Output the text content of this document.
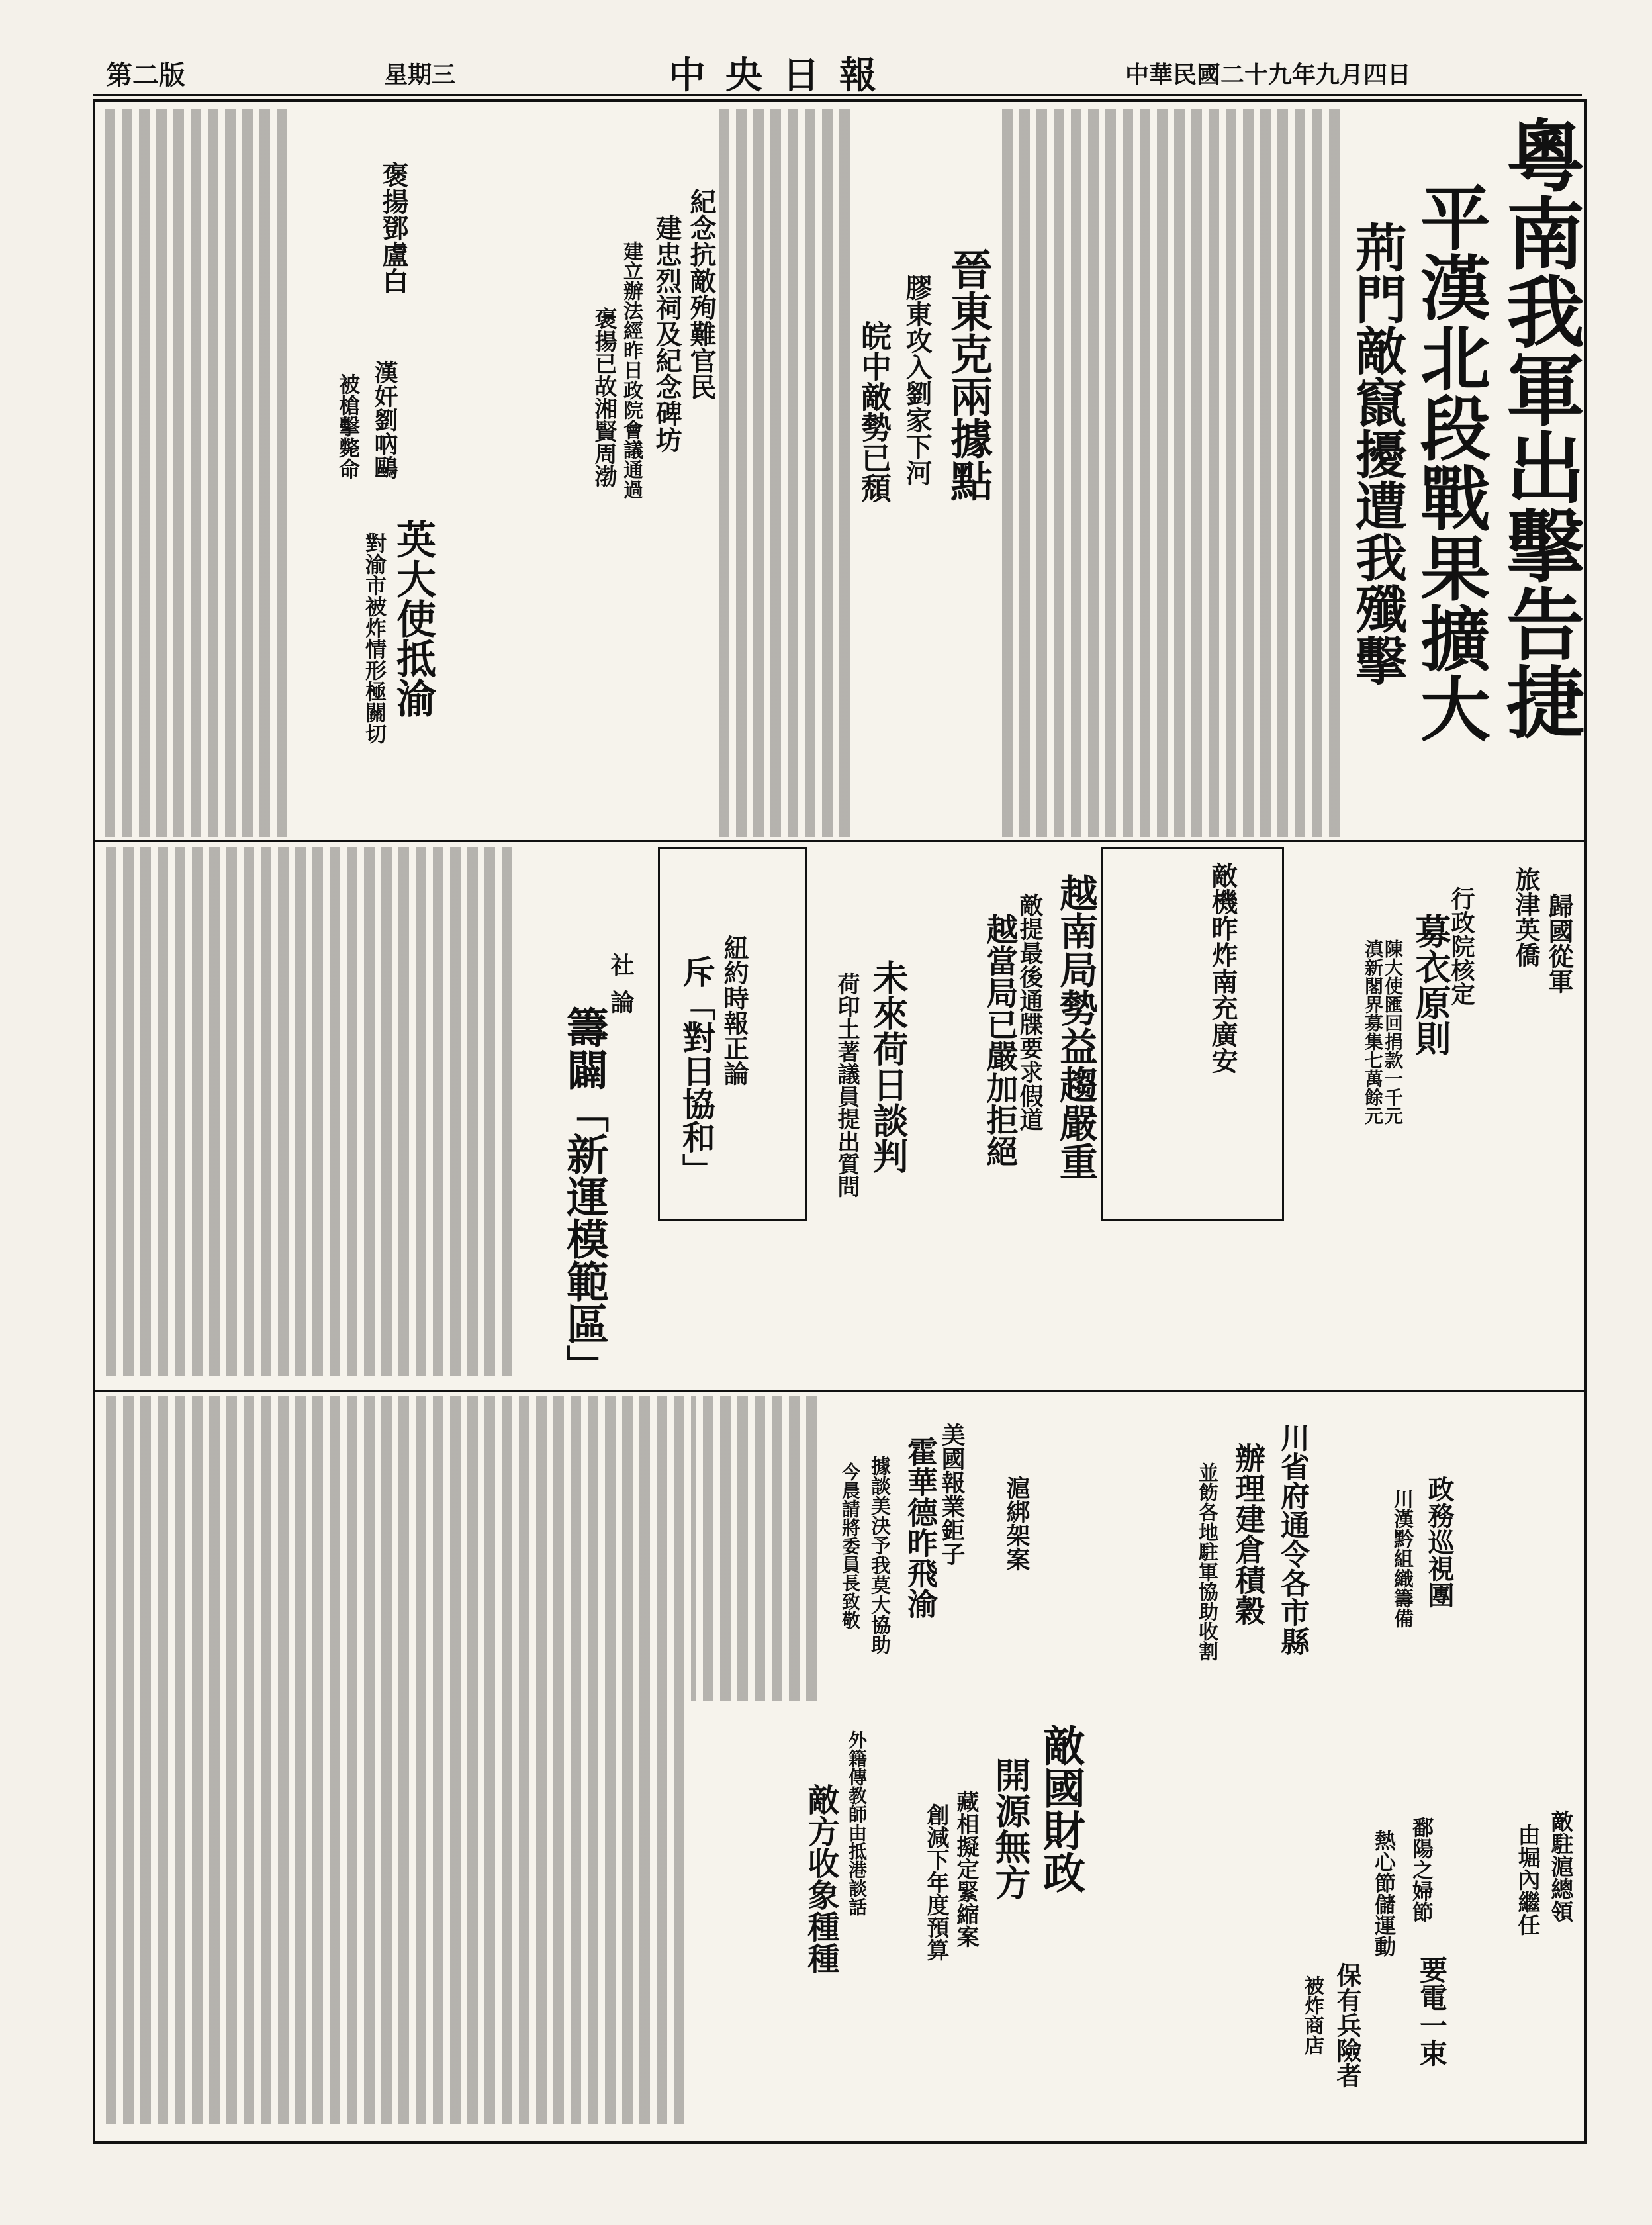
第二版	星期三	中央日報	中華民國二十九年九月四日
粵南我軍出擊告捷
平漢北段戰果擴大
荊門敵竄擾遭我殲擊
晉東克兩據點
膠東攻入劉家下河
皖中敵勢已頹
紀念抗敵殉難官民
建忠烈祠及紀念碑坊
建立辦法經昨日政院會議通過
褒揚已故湘賢周渤
褒揚鄧盧白
漢奸劉吶鷗
被槍擊斃命
英大使抵渝
對渝市被炸情形極關切
行政院核定
募衣原則
陳大使匯回捐款一千元
滇新閣界募集七萬餘元
旅津英僑 歸國從軍
敵機昨炸南充廣安
越南局勢益趨嚴重
敵提最後通牒要求假道
越當局已嚴加拒絕
未來荷日談判
荷印土著議員提出質問
紐約時報正論
斥「對日協和」
社論
籌闢「新運模範區」
川省府通令各市縣
辦理建倉積穀
並飭各地駐軍協助收割	政務巡視團
川漢黔組織籌備
鄱陽之婦節
熱心節儲運動
美國報業鉅子
霍華德昨飛渝
據談美決予我莫大協助
今晨請將委員長致敬	滬綁架案
敵國財政
開源無方
藏相擬定緊縮案
創減下年度預算
外籍傳教師由抵港談話
敵方收象種種
要電一束
敵駐滬總領
由堀內繼任
保有兵險者
被炸商店
